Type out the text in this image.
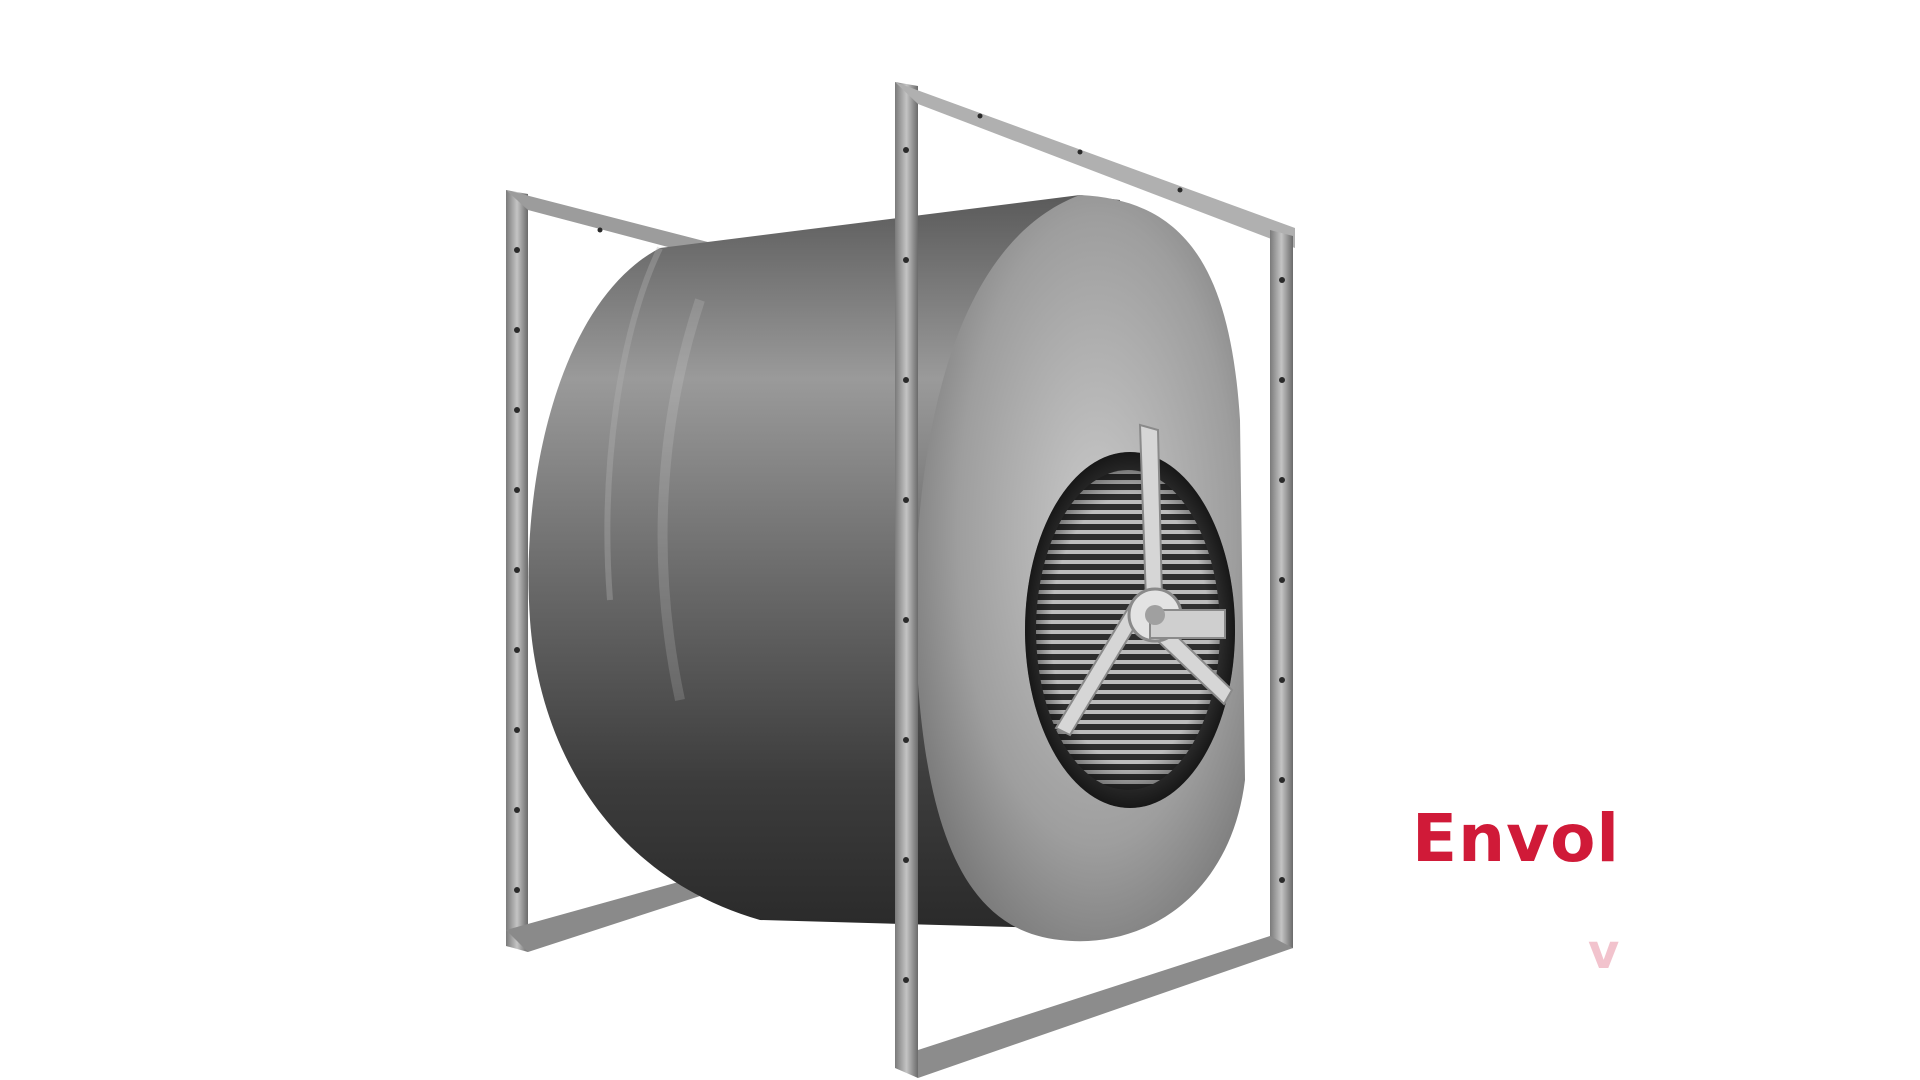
Envol
v
